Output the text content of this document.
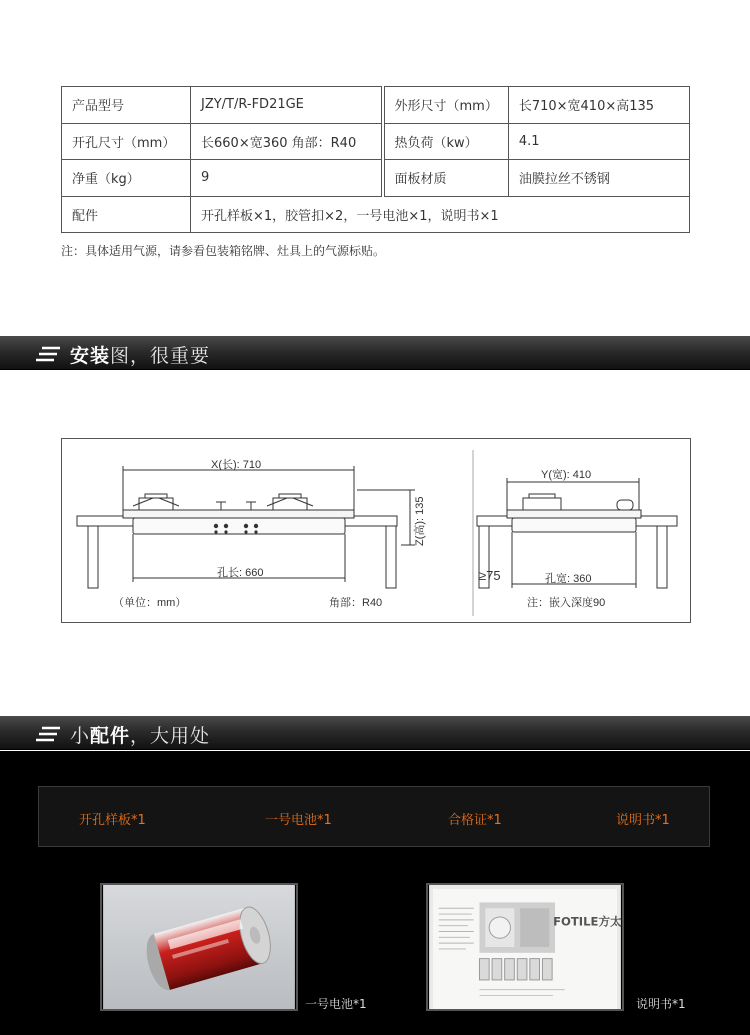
产品型号	JZY/T/R-FD21GE	外形尺寸（mm）	长710×宽410×高135
开孔尺寸（mm）	长660×宽360 角部：R40	热负荷（kw）	4.1
净重（kg）	9	面板材质	油膜拉丝不锈钢
配件	开孔样板×1，胶管扣×2，一号电池×1，说明书×1		
注：具体适用气源，请参看包装箱铭牌、灶具上的气源标贴。
安装图，很重要
X(长): 710
Z(高): 135
孔长: 660
（单位：mm）	角部：R40
Y(宽): 410
≥75	孔宽: 360
注：嵌入深度90
小配件，大用处
开孔样板*1	一号电池*1	合格证*1	说明书*1
一号电池*1
FOTILE方太
说明书*1
